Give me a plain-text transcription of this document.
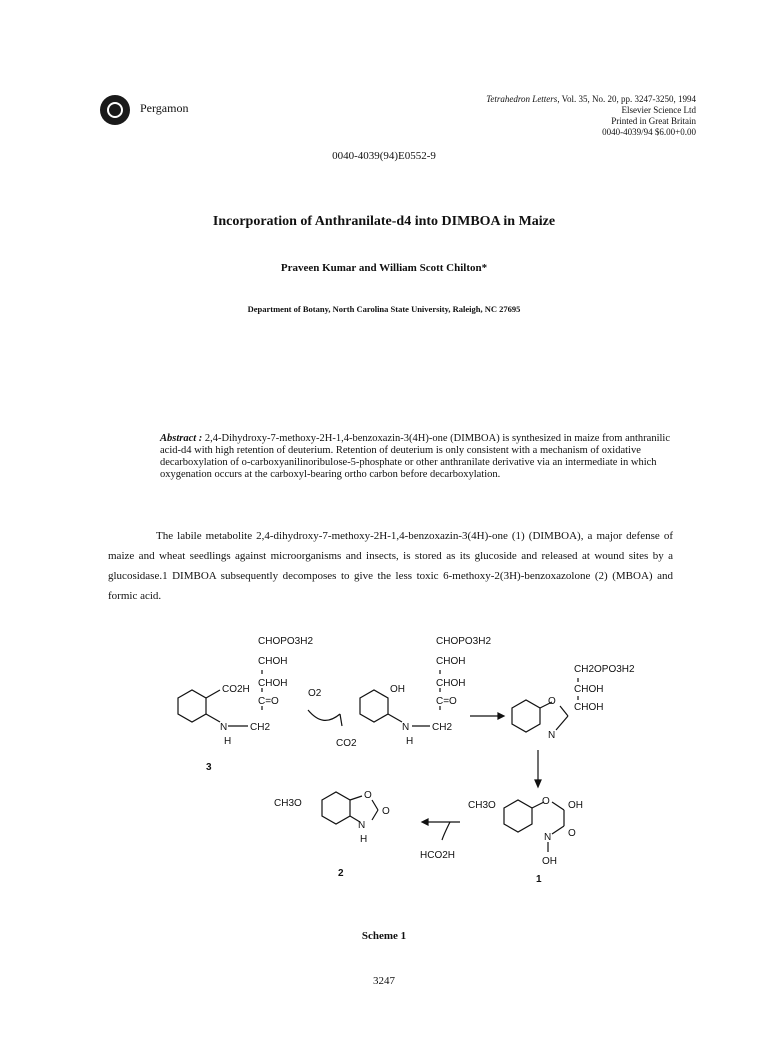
Pergamon
Tetrahedron Letters, Vol. 35, No. 20, pp. 3247-3250, 1994
Elsevier Science Ltd
Printed in Great Britain
0040-4039/94 $6.00+0.00
0040-4039(94)E0552-9
Incorporation of Anthranilate-d4 into DIMBOA in Maize
Praveen Kumar and William Scott Chilton*
Department of Botany, North Carolina State University, Raleigh, NC 27695
Abstract : 2,4-Dihydroxy-7-methoxy-2H-1,4-benzoxazin-3(4H)-one (DIMBOA) is synthesized in maize from anthranilic acid-d4 with high retention of deuterium. Retention of deuterium is only consistent with a mechanism of oxidative decarboxylation of o-carboxyanilinoribulose-5-phosphate or other anthranilate derivative via an intermediate in which oxygenation occurs at the carboxyl-bearing ortho carbon before decarboxylation.

The labile metabolite 2,4-dihydroxy-7-methoxy-2H-1,4-benzoxazin-3(4H)-one (1) (DIMBOA), a major defense of maize and wheat seedlings against microorganisms and insects, is stored as its glucoside and released at wound sites by a glucosidase.1 DIMBOA subsequently decomposes to give the less toxic 6-methoxy-2(3H)-benzoxazolone (2) (MBOA) and formic acid.

CHOPO3H2
CHOH
CHOH
C=O
CH2
CO2H
N
H
O2
CO2
CHOPO3H2
CHOH
CHOH
C=O
CH2
OH
N
H
CH2OPO3H2
CHOH
CHOH
O
N
CH3O	O OH
O
N
OH
HCO2H
CH3O
O
O
N
H
3
2
1
Scheme 1
3247
